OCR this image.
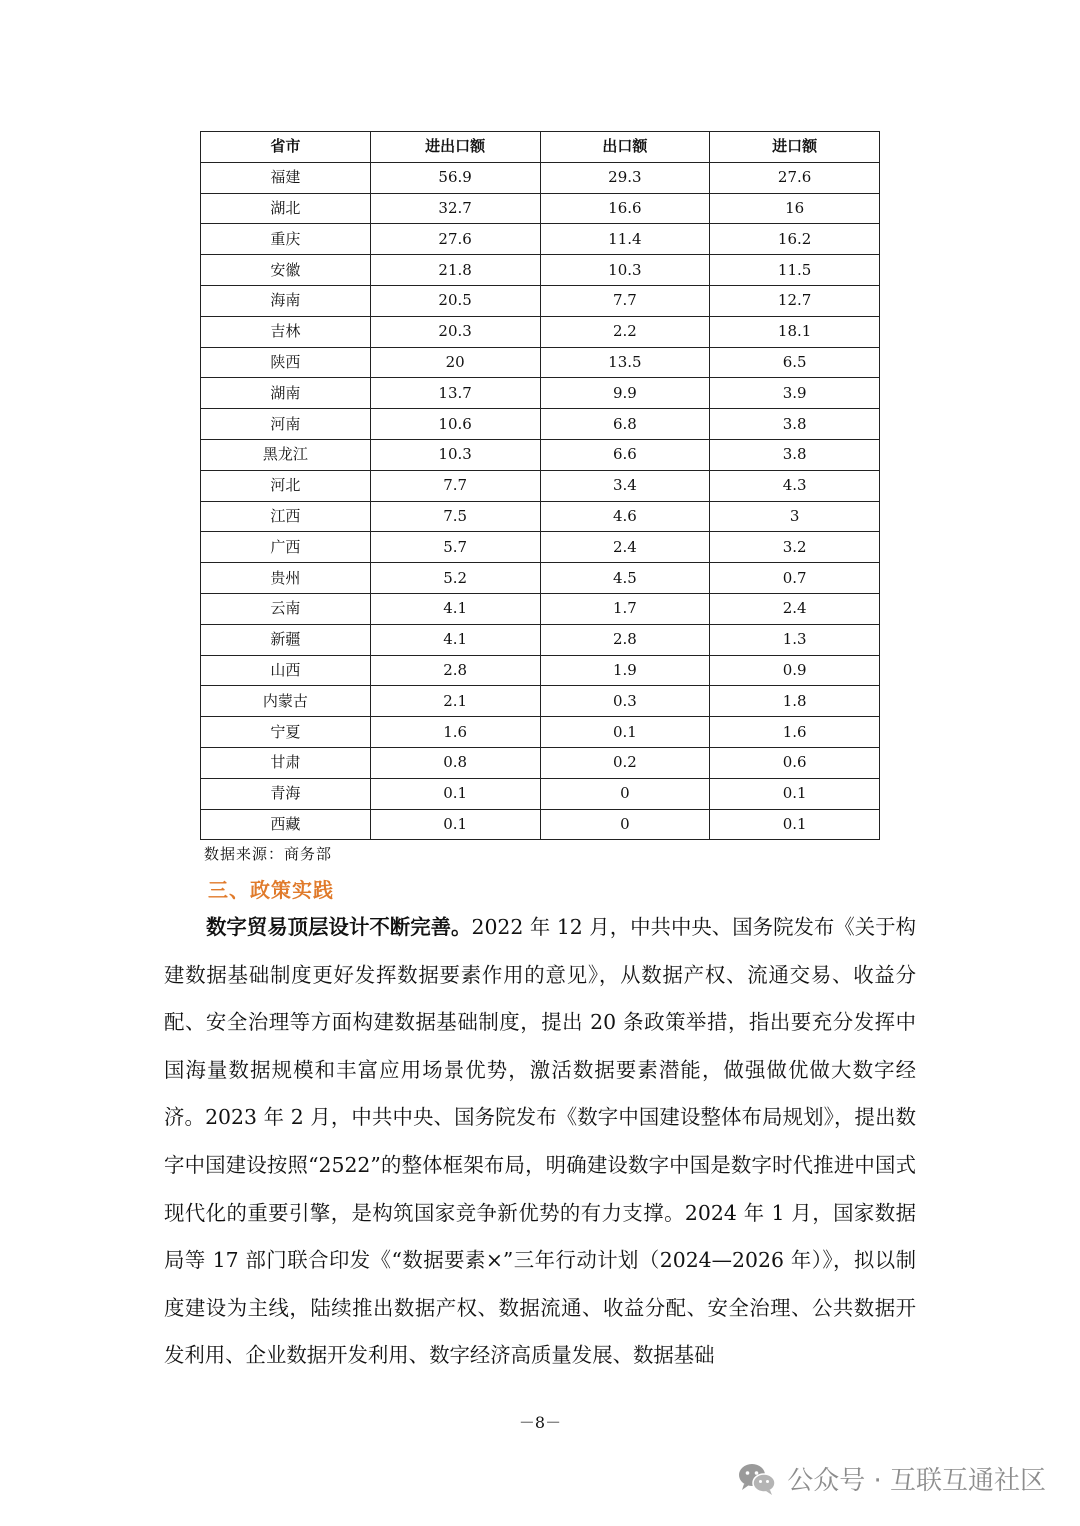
省市	进出口额	出口额	进口额
福建	56.9	29.3	27.6
湖北	32.7	16.6	16
重庆	27.6	11.4	16.2
安徽	21.8	10.3	11.5
海南	20.5	7.7	12.7
吉林	20.3	2.2	18.1
陕西	20	13.5	6.5
湖南	13.7	9.9	3.9
河南	10.6	6.8	3.8
黑龙江	10.3	6.6	3.8
河北	7.7	3.4	4.3
江西	7.5	4.6	3
广西	5.7	2.4	3.2
贵州	5.2	4.5	0.7
云南	4.1	1.7	2.4
新疆	4.1	2.8	1.3
山西	2.8	1.9	0.9
内蒙古	2.1	0.3	1.8
宁夏	1.6	0.1	1.6
甘肃	0.8	0.2	0.6
青海	0.1	0	0.1
西藏	0.1	0	0.1
数据来源：商务部
三、政策实践
数字贸易顶层设计不断完善。2022 年 12 月，中共中央、国务院发布《关于构建数据基础制度更好发挥数据要素作用的意见》，从数据产权、流通交易、收益分配、安全治理等方面构建数据基础制度，提出 20 条政策举措，指出要充分发挥中国海量数据规模和丰富应用场景优势，激活数据要素潜能，做强做优做大数字经济。2023 年 2 月，中共中央、国务院发布《数字中国建设整体布局规划》，提出数字中国建设按照“2522”的整体框架布局，明确建设数字中国是数字时代推进中国式现代化的重要引擎，是构筑国家竞争新优势的有力支撑。2024 年 1 月，国家数据局等 17 部门联合印发《“数据要素×”三年行动计划（2024—2026 年）》，拟以制度建设为主线，陆续推出数据产权、数据流通、收益分配、安全治理、公共数据开发利用、企业数据开发利用、数字经济高质量发展、数据基础
－8－
公众号 · 互联互通社区
